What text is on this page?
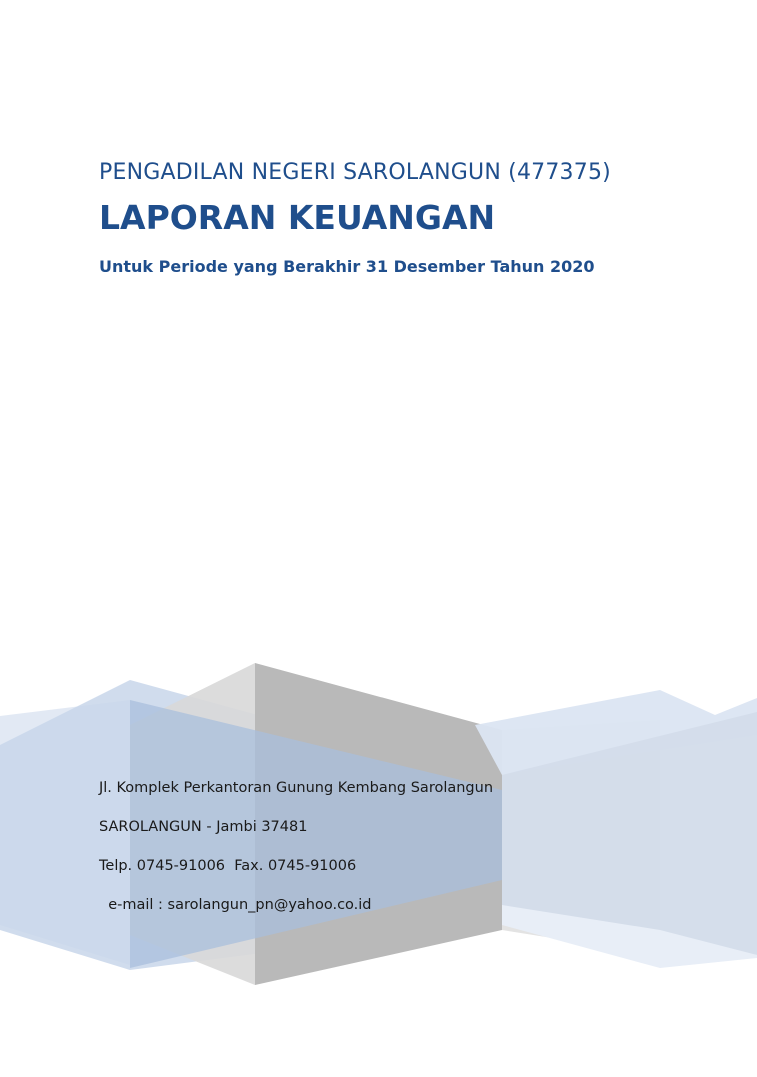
PENGADILAN NEGERI SAROLANGUN (477375)
LAPORAN KEUANGAN
Untuk Periode yang Berakhir 31 Desember Tahun 2020
Jl. Komplek Perkantoran Gunung Kembang Sarolangun
SAROLANGUN - Jambi 37481
Telp. 0745-91006  Fax. 0745-91006
e-mail : sarolangun_pn@yahoo.co.id
